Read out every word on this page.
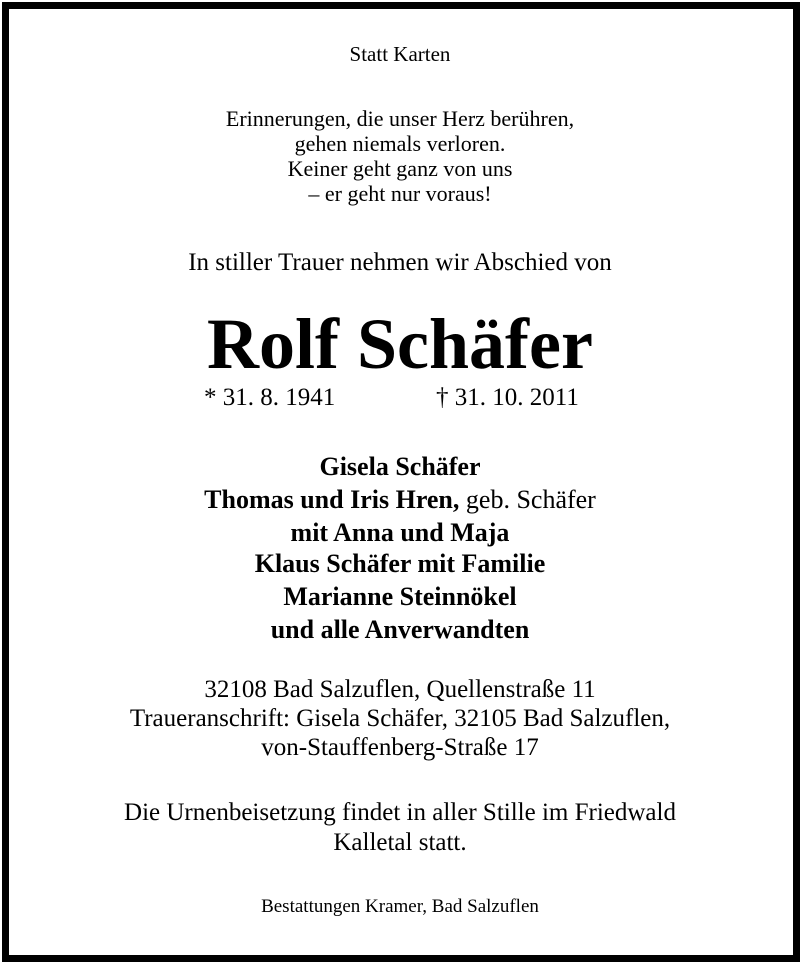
Statt Karten
Erinnerungen, die unser Herz berühren,
gehen niemals verloren.
Keiner geht ganz von uns
– er geht nur voraus!
In stiller Trauer nehmen wir Abschied von
Rolf Schäfer
* 31. 8. 1941	† 31. 10. 2011
Gisela Schäfer
Thomas und Iris Hren, geb. Schäfer
mit Anna und Maja
Klaus Schäfer mit Familie
Marianne Steinnökel
und alle Anverwandten
32108 Bad Salzuflen, Quellenstraße 11
Traueranschrift: Gisela Schäfer, 32105 Bad Salzuflen,
von-Stauffenberg-Straße 17
Die Urnenbeisetzung findet in aller Stille im Friedwald
Kalletal statt.
Bestattungen Kramer, Bad Salzuflen
